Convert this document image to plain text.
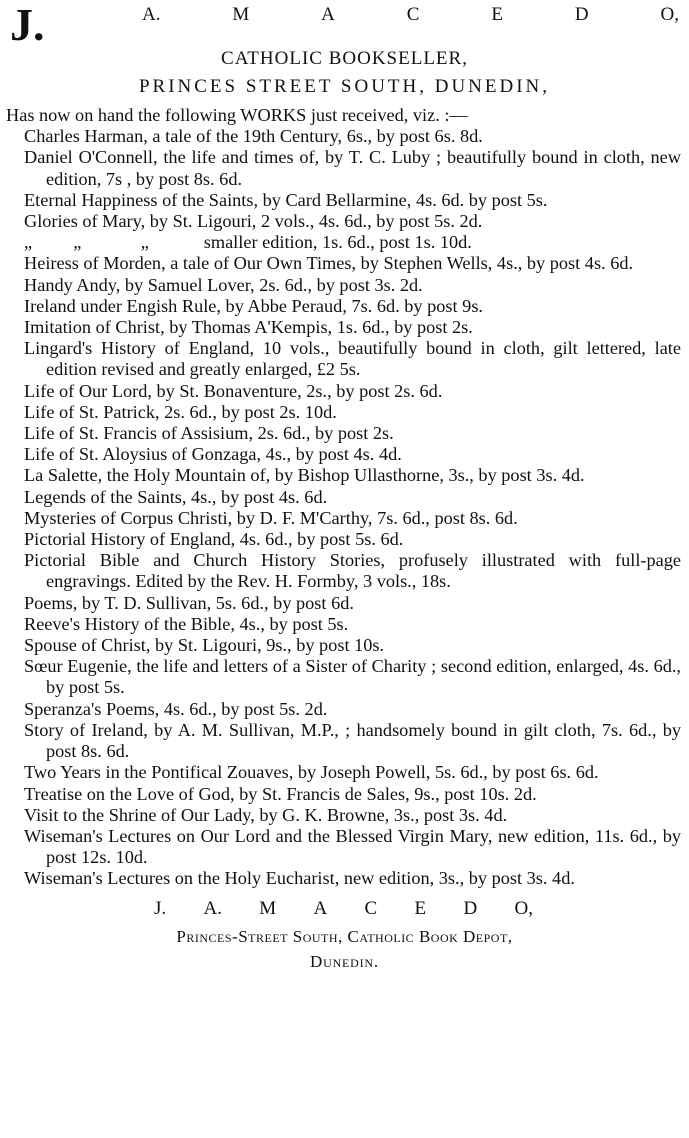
J.	A.	M	A	C	E	D	O,
CATHOLIC BOOKSELLER,
PRINCES STREET SOUTH, DUNEDIN,
Has now on hand the following WORKS just received, viz. :—
Charles Harman, a tale of the 19th Century, 6s., by post 6s. 8d.
Daniel O'Connell, the life and times of, by T. C. Luby ; beautifully bound in cloth, new edition, 7s , by post 8s. 6d.
Eternal Happiness of the Saints, by Card Bellarmine, 4s. 6d. by post 5s.
Glories of Mary, by St. Ligouri, 2 vols., 4s. 6d., by post 5s. 2d.
„         „             „            smaller edition, 1s. 6d., post 1s. 10d.
Heiress of Morden, a tale of Our Own Times, by Stephen Wells, 4s., by post 4s. 6d.
Handy Andy, by Samuel Lover, 2s. 6d., by post 3s. 2d.
Ireland under Engish Rule, by Abbe Peraud, 7s. 6d. by post 9s.
Imitation of Christ, by Thomas A'Kempis, 1s. 6d., by post 2s.
Lingard's History of England, 10 vols., beautifully bound in cloth, gilt lettered, late edition revised and greatly enlarged, £2 5s.
Life of Our Lord, by St. Bonaventure, 2s., by post 2s. 6d.
Life of St. Patrick, 2s. 6d., by post 2s. 10d.
Life of St. Francis of Assisium, 2s. 6d., by post 2s.
Life of St. Aloysius of Gonzaga, 4s., by post 4s. 4d.
La Salette, the Holy Mountain of, by Bishop Ullasthorne, 3s., by post 3s. 4d.
Legends of the Saints, 4s., by post 4s. 6d.
Mysteries of Corpus Christi, by D. F. M'Carthy, 7s. 6d., post 8s. 6d.
Pictorial History of England, 4s. 6d., by post 5s. 6d.
Pictorial Bible and Church History Stories, profusely illustrated with full-page engravings. Edited by the Rev. H. Formby, 3 vols., 18s.
Poems, by T. D. Sullivan, 5s. 6d., by post 6d.
Reeve's History of the Bible, 4s., by post 5s.
Spouse of Christ, by St. Ligouri, 9s., by post 10s.
Sœur Eugenie, the life and letters of a Sister of Charity ; second edition, enlarged, 4s. 6d., by post 5s.
Speranza's Poems, 4s. 6d., by post 5s. 2d.
Story of Ireland, by A. M. Sullivan, M.P., ; handsomely bound in gilt cloth, 7s. 6d., by post 8s. 6d.
Two Years in the Pontifical Zouaves, by Joseph Powell, 5s. 6d., by post 6s. 6d.
Treatise on the Love of God, by St. Francis de Sales, 9s., post 10s. 2d.
Visit to the Shrine of Our Lady, by G. K. Browne, 3s., post 3s. 4d.
Wiseman's Lectures on Our Lord and the Blessed Virgin Mary, new edition, 11s. 6d., by post 12s. 10d.
Wiseman's Lectures on the Holy Eucharist, new edition, 3s., by post 3s. 4d.
J. A. M A C E D O,
Princes-Street South, Catholic Book Depot,
Dunedin.
